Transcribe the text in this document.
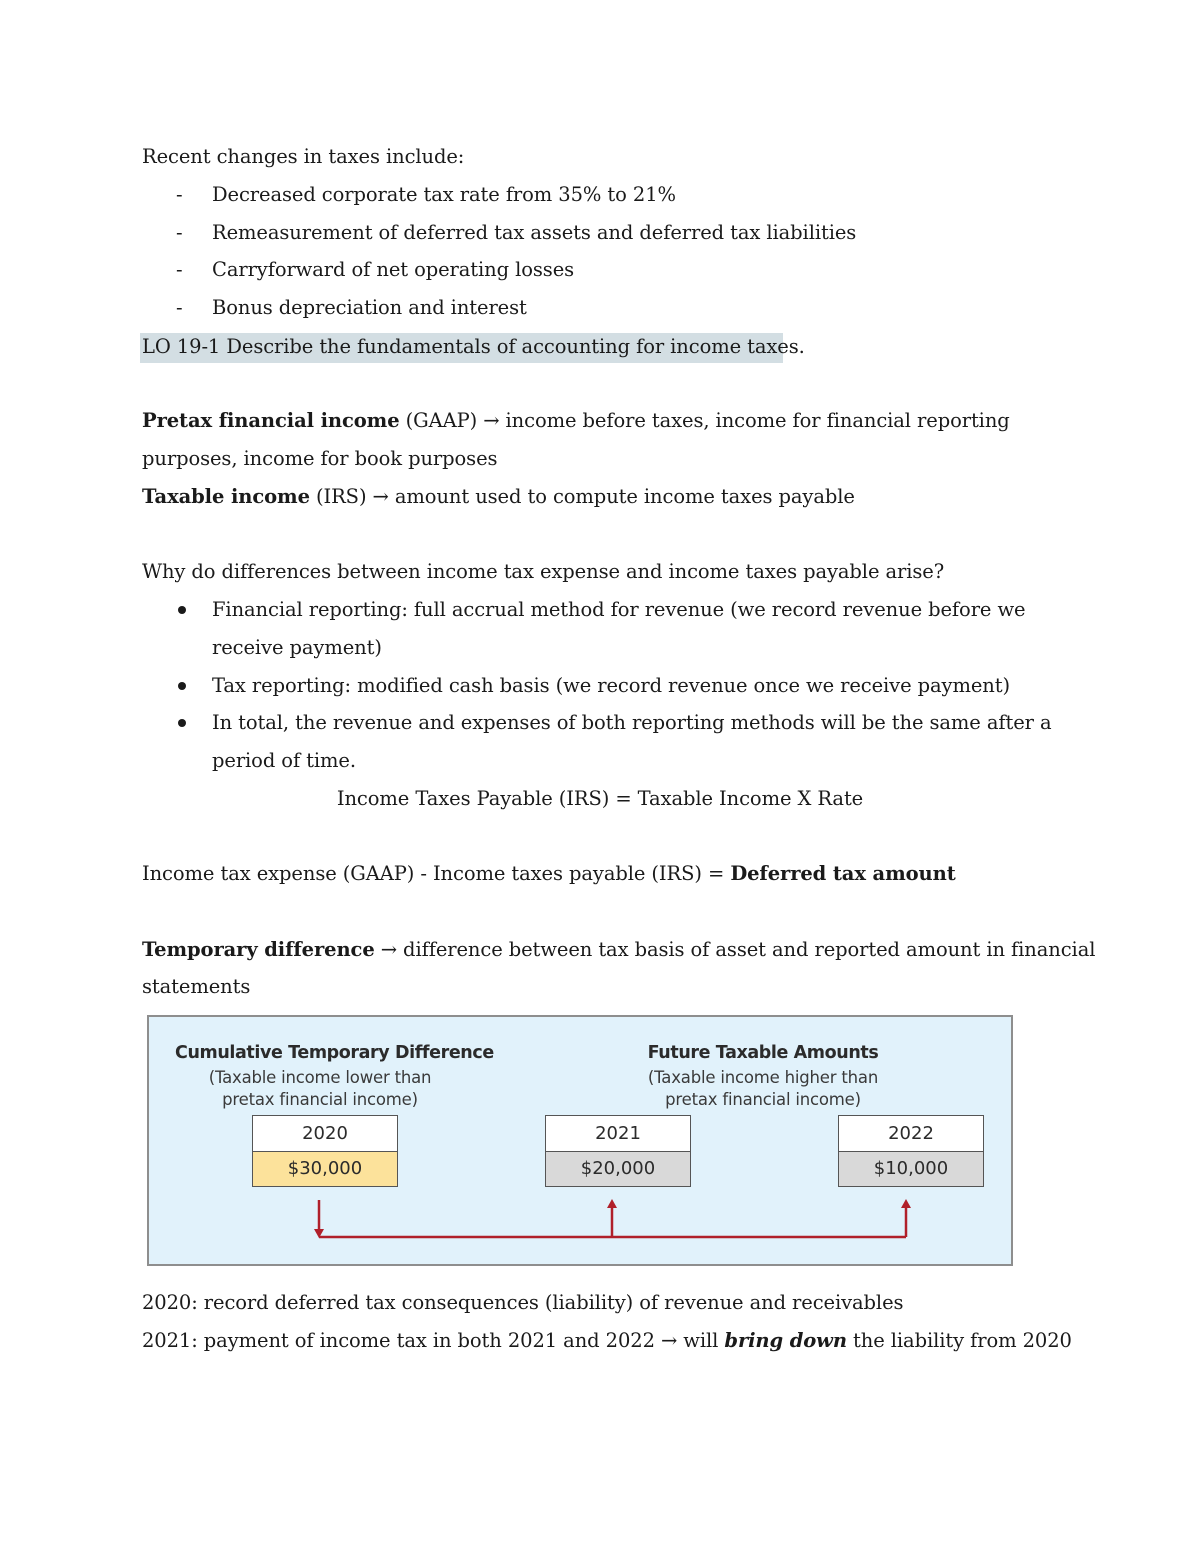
Recent changes in taxes include:
- Decreased corporate tax rate from 35% to 21%
- Remeasurement of deferred tax assets and deferred tax liabilities
- Carryforward of net operating losses
- Bonus depreciation and interest
LO 19-1 Describe the fundamentals of accounting for income taxes.
Pretax financial income (GAAP) → income before taxes, income for financial reporting
purposes, income for book purposes
Taxable income (IRS) → amount used to compute income taxes payable
Why do differences between income tax expense and income taxes payable arise?
Financial reporting: full accrual method for revenue (we record revenue before we
receive payment)
Tax reporting: modified cash basis (we record revenue once we receive payment)
In total, the revenue and expenses of both reporting methods will be the same after a
period of time.
Income Taxes Payable (IRS) = Taxable Income X Rate
Income tax expense (GAAP) - Income taxes payable (IRS) = Deferred tax amount
Temporary difference → difference between tax basis of asset and reported amount in financial
statements
Cumulative Temporary Difference
(Taxable income lower than
pretax financial income)
Future Taxable Amounts
(Taxable income higher than
pretax financial income)
2020
$30,000
2021
$20,000
2022
$10,000
2020: record deferred tax consequences (liability) of revenue and receivables
2021: payment of income tax in both 2021 and 2022 → will bring down the liability from 2020
